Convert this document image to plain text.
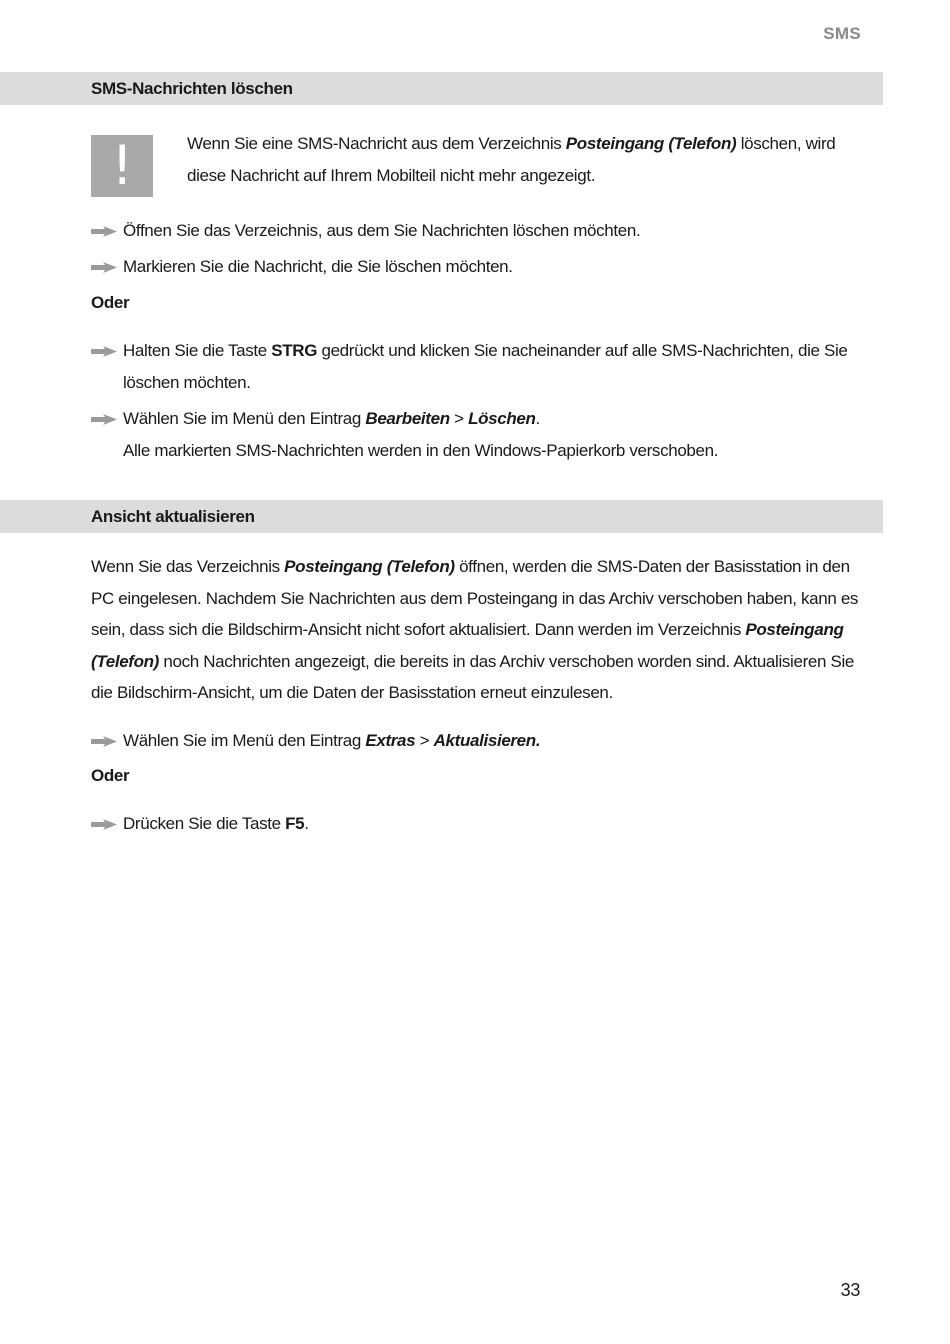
SMS
SMS-Nachrichten löschen
!	Wenn Sie eine SMS-Nachricht aus dem Verzeichnis Posteingang (Telefon) löschen, wird diese Nachricht auf Ihrem Mobilteil nicht mehr angezeigt.
Öffnen Sie das Verzeichnis, aus dem Sie Nachrichten löschen möchten.
Markieren Sie die Nachricht, die Sie löschen möchten.
Oder
Halten Sie die Taste STRG gedrückt und klicken Sie nacheinander auf alle SMS-Nachrichten, die Sie löschen möchten.
Wählen Sie im Menü den Eintrag Bearbeiten > Löschen.
Alle markierten SMS-Nachrichten werden in den Windows-Papierkorb verschoben.
Ansicht aktualisieren
Wenn Sie das Verzeichnis Posteingang (Telefon) öffnen, werden die SMS-Daten der Basisstation in den PC eingelesen. Nachdem Sie Nachrichten aus dem Posteingang in das Archiv verschoben haben, kann es sein, dass sich die Bildschirm-Ansicht nicht sofort aktualisiert. Dann werden im Verzeichnis Posteingang (Telefon) noch Nachrichten angezeigt, die bereits in das Archiv verschoben worden sind. Aktualisieren Sie die Bildschirm-Ansicht, um die Daten der Basisstation erneut einzulesen.
Wählen Sie im Menü den Eintrag Extras > Aktualisieren.
Oder
Drücken Sie die Taste F5.
33
